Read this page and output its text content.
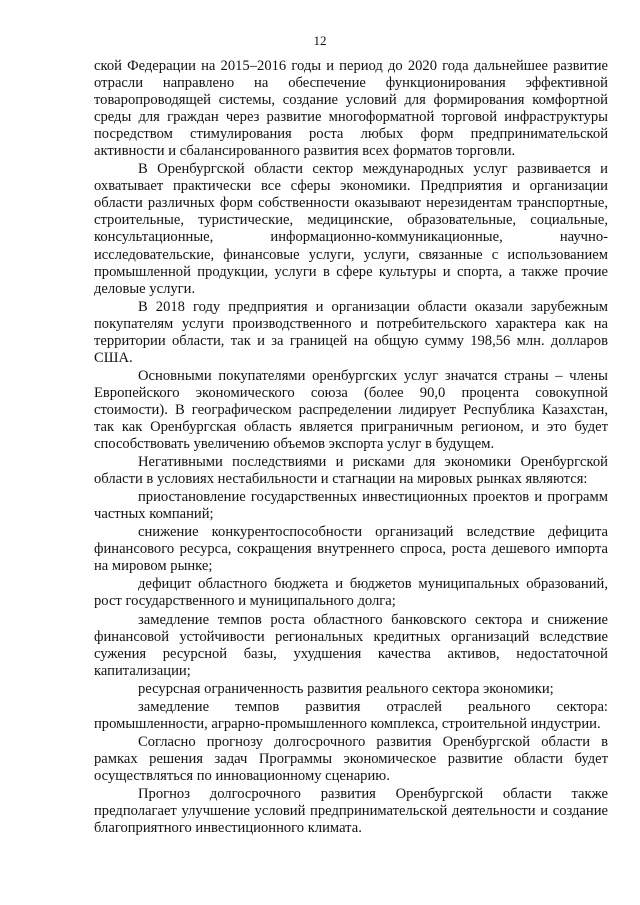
12

ской Федерации на 2015–2016 годы и период до 2020 года дальнейшее развитие отрасли направлено на обеспечение функционирования эффективной товаропроводящей системы, создание условий для формирования комфортной среды для граждан через развитие многоформатной торговой инфраструктуры посредством стимулирования роста любых форм предпринимательской активности и сбалансированного развития всех форматов торговли.

В Оренбургской области сектор международных услуг развивается и охватывает практически все сферы экономики. Предприятия и организации области различных форм собственности оказывают нерезидентам транспортные, строительные, туристические, медицинские, образовательные, социальные, консультационные, информационно-коммуникационные, научно-исследовательские, финансовые услуги, услуги, связанные с использованием промышленной продукции, услуги в сфере культуры и спорта, а также прочие деловые услуги.

В 2018 году предприятия и организации области оказали зарубежным покупателям услуги производственного и потребительского характера как на территории области, так и за границей на общую сумму 198,56 млн. долларов США.

Основными покупателями оренбургских услуг значатся страны – члены Европейского экономического союза (более 90,0 процента совокупной стоимости). В географическом распределении лидирует Республика Казахстан, так как Оренбургская область является приграничным регионом, и это будет способствовать увеличению объемов экспорта услуг в будущем.

Негативными последствиями и рисками для экономики Оренбургской области в условиях нестабильности и стагнации на мировых рынках являются:

приостановление государственных инвестиционных проектов и программ частных компаний;

снижение конкурентоспособности организаций вследствие дефицита финансового ресурса, сокращения внутреннего спроса, роста дешевого импорта на мировом рынке;

дефицит областного бюджета и бюджетов муниципальных образований, рост государственного и муниципального долга;

замедление темпов роста областного банковского сектора и снижение финансовой устойчивости региональных кредитных организаций вследствие сужения ресурсной базы, ухудшения качества активов, недостаточной капитализации;

ресурсная ограниченность развития реального сектора экономики;

замедление темпов развития отраслей реального сектора: промышленности, аграрно-промышленного комплекса, строительной индустрии.

Согласно прогнозу долгосрочного развития Оренбургской области в рамках решения задач Программы экономическое развитие области будет осуществляться по инновационному сценарию.

Прогноз долгосрочного развития Оренбургской области также предполагает улучшение условий предпринимательской деятельности и создание благоприятного инвестиционного климата.
